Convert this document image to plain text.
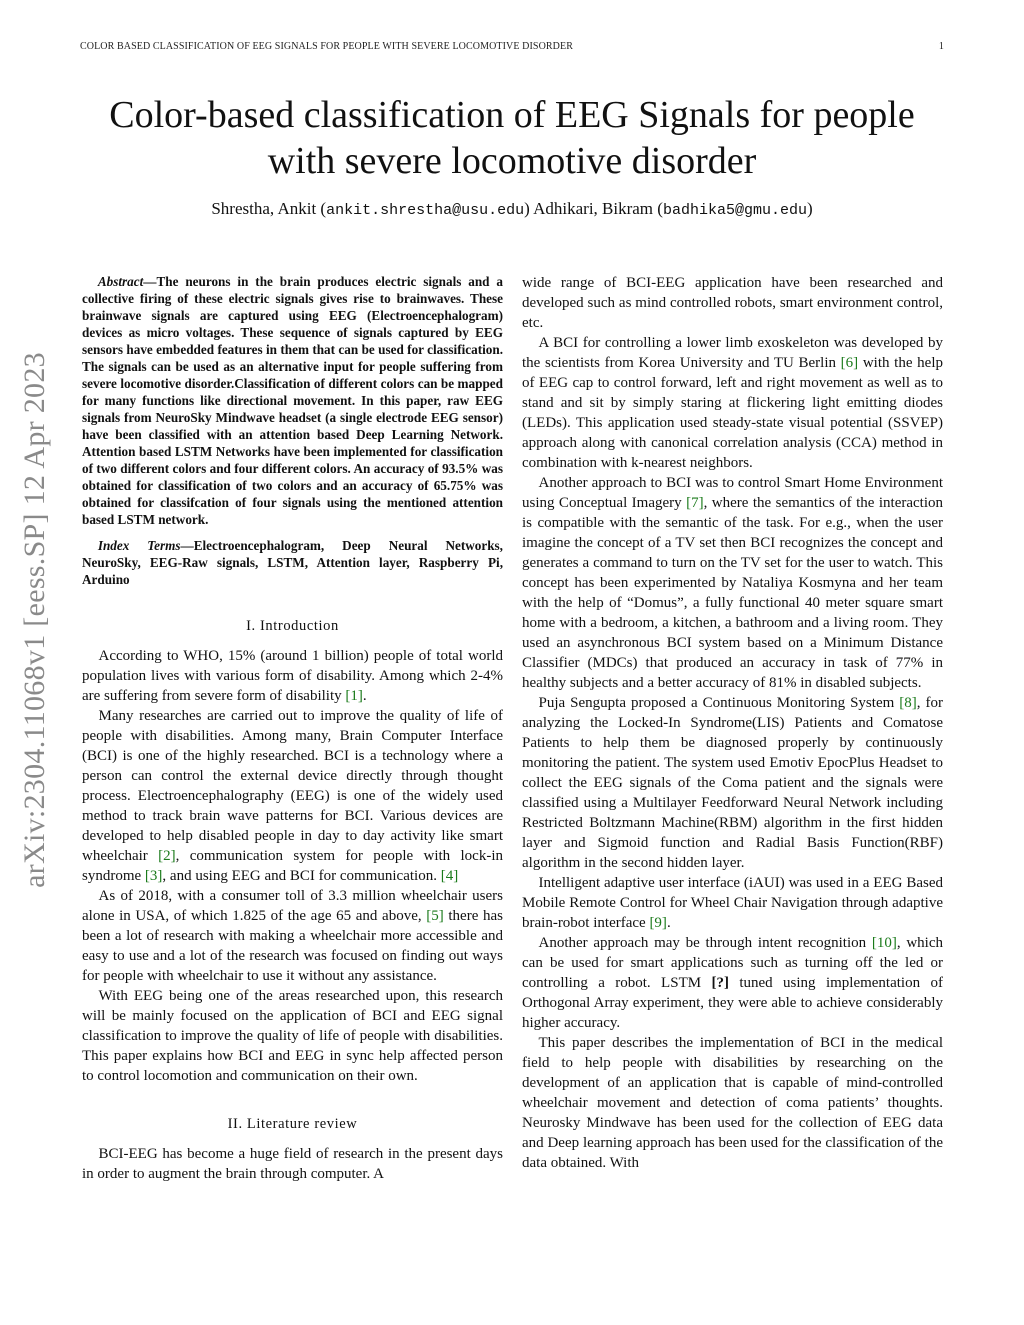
COLOR BASED CLASSIFICATION OF EEG SIGNALS FOR PEOPLE WITH SEVERE LOCOMOTIVE DISORDER	1
arXiv:2304.11068v1 [eess.SP] 12 Apr 2023
Color-based classification of EEG Signals for people with severe locomotive disorder
Shrestha, Ankit (ankit.shrestha@usu.edu) Adhikari, Bikram (badhika5@gmu.edu)

Abstract—The neurons in the brain produces electric signals and a collective firing of these electric signals gives rise to brainwaves. These brainwave signals are captured using EEG (Electroencephalogram) devices as micro voltages. These sequence of signals captured by EEG sensors have embedded features in them that can be used for classification. The signals can be used as an alternative input for people suffering from severe locomotive disorder.Classification of different colors can be mapped for many functions like directional movement. In this paper, raw EEG signals from NeuroSky Mindwave headset (a single electrode EEG sensor) have been classified with an attention based Deep Learning Network. Attention based LSTM Networks have been implemented for classification of two different colors and four different colors. An accuracy of 93.5% was obtained for classification of two colors and an accuracy of 65.75% was obtained for classifcation of four signals using the mentioned attention based LSTM network.

Index Terms—Electroencephalogram, Deep Neural Networks, NeuroSky, EEG-Raw signals, LSTM, Attention layer, Raspberry Pi, Arduino

I. Introduction

According to WHO, 15% (around 1 billion) people of total world population lives with various form of disability. Among which 2-4% are suffering from severe form of disability [1].

Many researches are carried out to improve the quality of life of people with disabilities. Among many, Brain Computer Interface (BCI) is one of the highly researched. BCI is a technology where a person can control the external device directly through thought process. Electroencephalography (EEG) is one of the widely used method to track brain wave patterns for BCI. Various devices are developed to help disabled people in day to day activity like smart wheelchair [2], communication system for people with lock-in syndrome [3], and using EEG and BCI for communication. [4]

As of 2018, with a consumer toll of 3.3 million wheelchair users alone in USA, of which 1.825 of the age 65 and above, [5] there has been a lot of research with making a wheelchair more accessible and easy to use and a lot of the research was focused on finding out ways for people with wheelchair to use it without any assistance.

With EEG being one of the areas researched upon, this research will be mainly focused on the application of BCI and EEG signal classification to improve the quality of life of people with disabilities. This paper explains how BCI and EEG in sync help affected person to control locomotion and communication on their own.

II. Literature review

BCI-EEG has become a huge field of research in the present days in order to augment the brain through computer. A

wide range of BCI-EEG application have been researched and developed such as mind controlled robots, smart environment control, etc.

A BCI for controlling a lower limb exoskeleton was developed by the scientists from Korea University and TU Berlin [6] with the help of EEG cap to control forward, left and right movement as well as to stand and sit by simply staring at flickering light emitting diodes (LEDs). This application used steady-state visual potential (SSVEP) approach along with canonical correlation analysis (CCA) method in combination with k-nearest neighbors.

Another approach to BCI was to control Smart Home Environment using Conceptual Imagery [7], where the semantics of the interaction is compatible with the semantic of the task. For e.g., when the user imagine the concept of a TV set then BCI recognizes the concept and generates a command to turn on the TV set for the user to watch. This concept has been experimented by Nataliya Kosmyna and her team with the help of “Domus”, a fully functional 40 meter square smart home with a bedroom, a kitchen, a bathroom and a living room. They used an asynchronous BCI system based on a Minimum Distance Classifier (MDCs) that produced an accuracy in task of 77% in healthy subjects and a better accuracy of 81% in disabled subjects.

Puja Sengupta proposed a Continuous Monitoring System [8], for analyzing the Locked-In Syndrome(LIS) Patients and Comatose Patients to help them be diagnosed properly by continuously monitoring the patient. The system used Emotiv EpocPlus Headset to collect the EEG signals of the Coma patient and the signals were classified using a Multilayer Feedforward Neural Network including Restricted Boltzmann Machine(RBM) algorithm in the first hidden layer and Sigmoid function and Radial Basis Function(RBF) algorithm in the second hidden layer.

Intelligent adaptive user interface (iAUI) was used in a EEG Based Mobile Remote Control for Wheel Chair Navigation through adaptive brain-robot interface [9].

Another approach may be through intent recognition [10], which can be used for smart applications such as turning off the led or controlling a robot. LSTM [?] tuned using implementation of Orthogonal Array experiment, they were able to achieve considerably higher accuracy.

This paper describes the implementation of BCI in the medical field to help people with disabilities by researching on the development of an application that is capable of mind-controlled wheelchair movement and detection of coma patients’ thoughts. Neurosky Mindwave has been used for the collection of EEG data and Deep learning approach has been used for the classification of the data obtained. With
